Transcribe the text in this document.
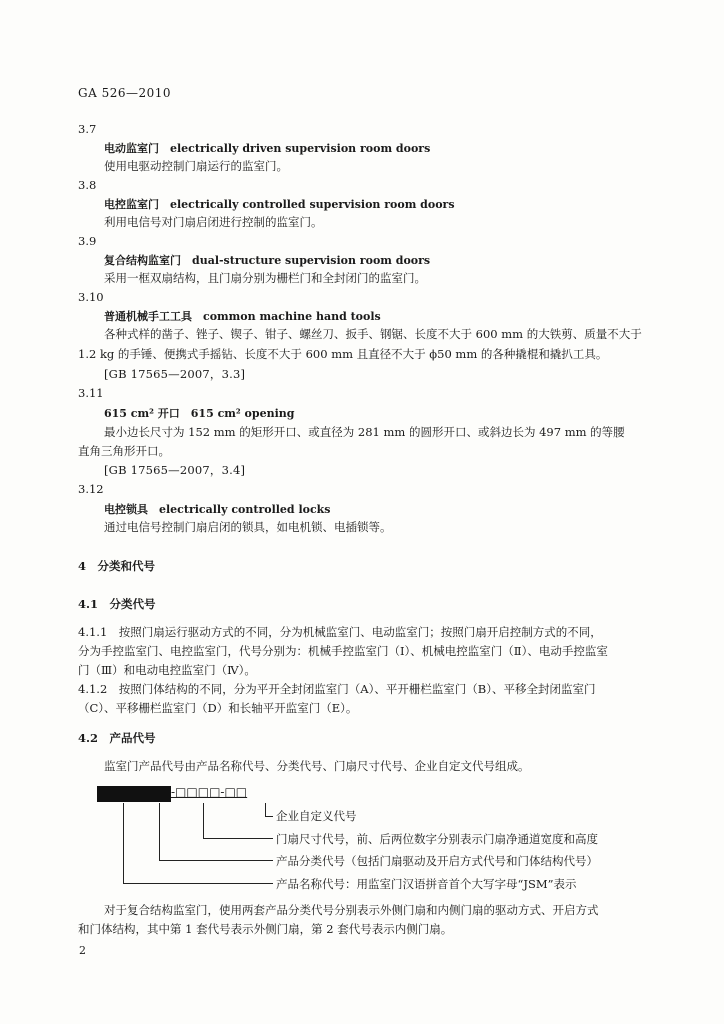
GA 526—2010
3.7
电动监室门　electrically driven supervision room doors
使用电驱动控制门扇运行的监室门。
3.8
电控监室门　electrically controlled supervision room doors
利用电信号对门扇启闭进行控制的监室门。
3.9
复合结构监室门　dual-structure supervision room doors
采用一框双扇结构，且门扇分别为栅栏门和全封闭门的监室门。
3.10
普通机械手工工具　common machine hand tools
各种式样的凿子、锉子、锲子、钳子、螺丝刀、扳手、钢锯、长度不大于 600 mm 的大铁剪、质量不大于
1.2 kg 的手锤、便携式手摇钻、长度不大于 600 mm 且直径不大于 ϕ50 mm 的各种撬棍和撬扒工具。
[GB 17565—2007，3.3]
3.11
615 cm² 开口　615 cm² opening
最小边长尺寸为 152 mm 的矩形开口、或直径为 281 mm 的圆形开口、或斜边长为 497 mm 的等腰
直角三角形开口。
[GB 17565—2007，3.4]
3.12
电控锁具　electrically controlled locks
通过电信号控制门扇启闭的锁具，如电机锁、电插锁等。
4　分类和代号
4.1　分类代号
4.1.1　按照门扇运行驱动方式的不同，分为机械监室门、电动监室门；按照门扇开启控制方式的不同，
分为手控监室门、电控监室门，代号分别为：机械手控监室门（Ⅰ）、机械电控监室门（Ⅱ）、电动手控监室
门（Ⅲ）和电动电控监室门（Ⅳ）。
4.1.2　按照门体结构的不同，分为平开全封闭监室门（A）、平开栅栏监室门（B）、平移全封闭监室门
（C）、平移栅栏监室门（D）和长轴平开监室门（E）。
4.2　产品代号
监室门产品代号由产品名称代号、分类代号、门扇尺寸代号、企业自定文代号组成。
-□□□□-□□
企业自定义代号
门扇尺寸代号，前、后两位数字分别表示门扇净通道宽度和高度
产品分类代号（包括门扇驱动及开启方式代号和门体结构代号）
产品名称代号：用监室门汉语拼音首个大写字母“JSM”表示
对于复合结构监室门，使用两套产品分类代号分别表示外侧门扇和内侧门扇的驱动方式、开启方式
和门体结构，其中第 1 套代号表示外侧门扇，第 2 套代号表示内侧门扇。
2
